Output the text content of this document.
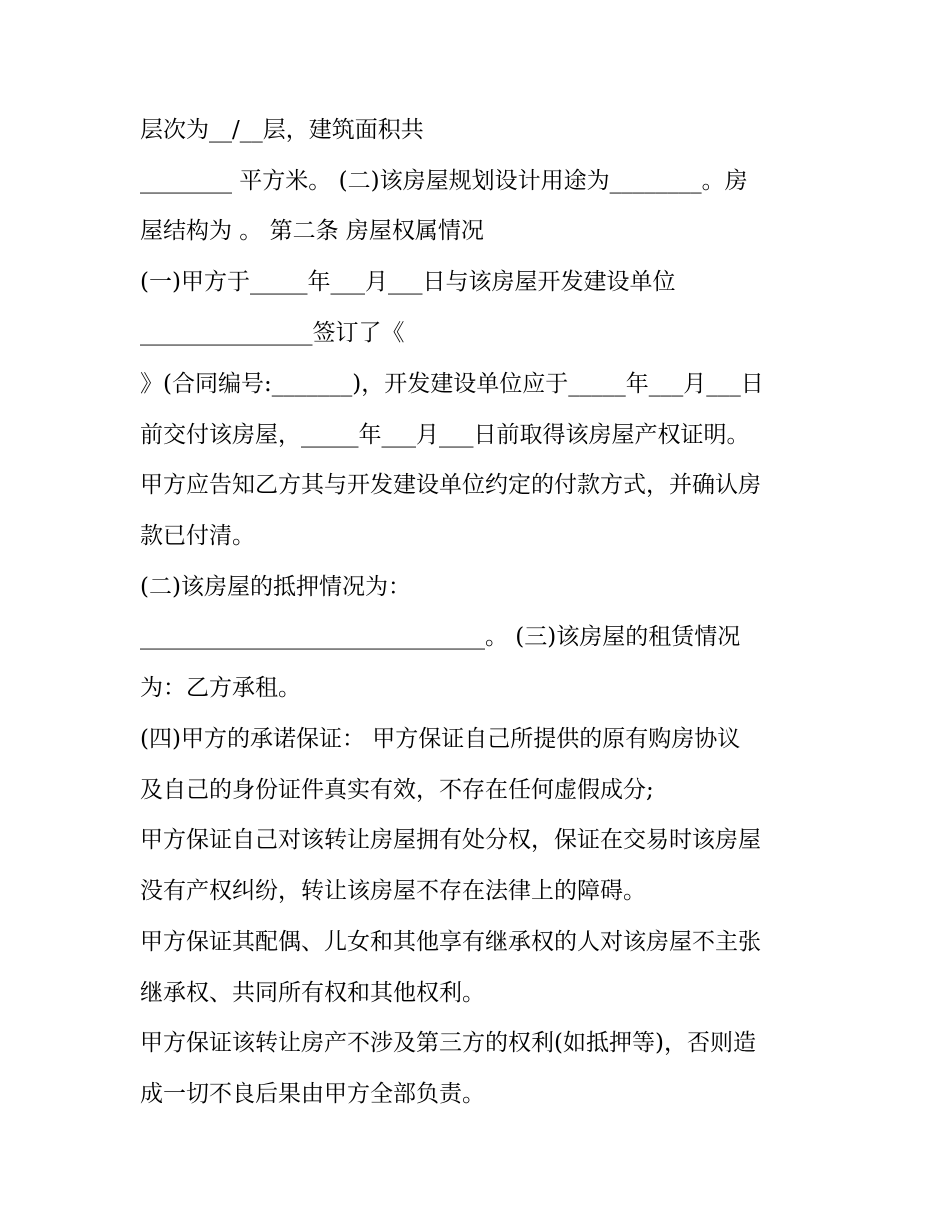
层次为__/__层，建筑面积共
________ 平方米。 (二)该房屋规划设计用途为________。房
屋结构为 。 第二条 房屋权属情况
(一)甲方于_____年___月___日与该房屋开发建设单位
_______________签订了《
》(合同编号:_______)，开发建设单位应于_____年___月___日
前交付该房屋，_____年___月___日前取得该房屋产权证明。
甲方应告知乙方其与开发建设单位约定的付款方式，并确认房
款已付清。
(二)该房屋的抵押情况为：
______________________________。 (三)该房屋的租赁情况
为：乙方承租。
(四)甲方的承诺保证： 甲方保证自己所提供的原有购房协议
及自己的身份证件真实有效，不存在任何虚假成分;
甲方保证自己对该转让房屋拥有处分权，保证在交易时该房屋
没有产权纠纷，转让该房屋不存在法律上的障碍。
甲方保证其配偶、儿女和其他享有继承权的人对该房屋不主张
继承权、共同所有权和其他权利。
甲方保证该转让房产不涉及第三方的权利(如抵押等)，否则造
成一切不良后果由甲方全部负责。
